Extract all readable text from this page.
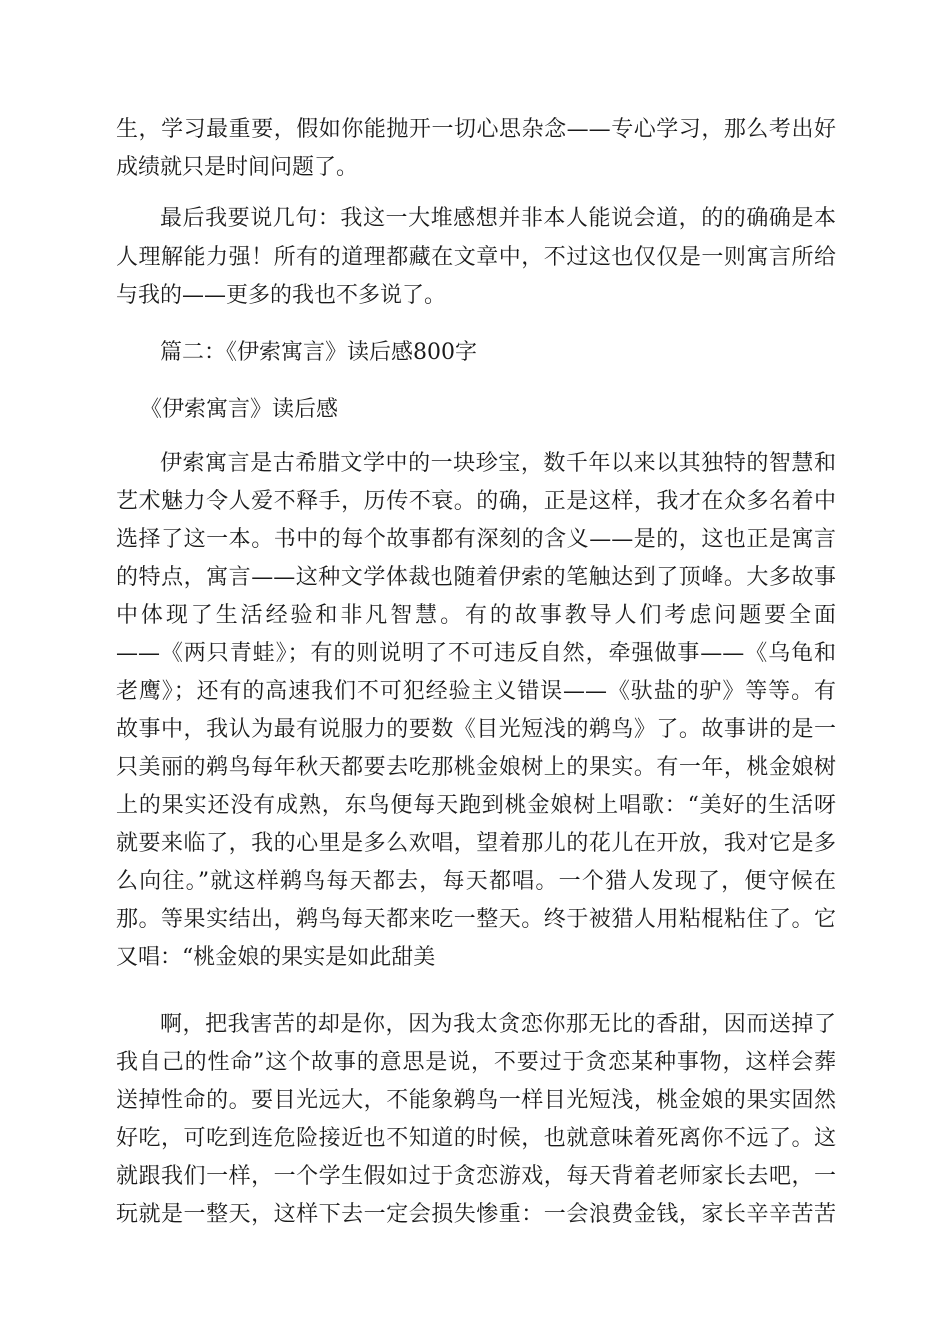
生，学习最重要，假如你能抛开一切心思杂念——专心学习，那么考出好
成绩就只是时间问题了。
最后我要说几句：我这一大堆感想并非本人能说会道，的的确确是本
人理解能力强！所有的道理都藏在文章中，不过这也仅仅是一则寓言所给
与我的——更多的我也不多说了。
篇二：《伊索寓言》读后感800字
《伊索寓言》读后感
伊索寓言是古希腊文学中的一块珍宝，数千年以来以其独特的智慧和
艺术魅力令人爱不释手，历传不衰。的确，正是这样，我才在众多名着中
选择了这一本。书中的每个故事都有深刻的含义——是的，这也正是寓言
的特点，寓言——这种文学体裁也随着伊索的笔触达到了顶峰。大多故事
中体现了生活经验和非凡智慧。有的故事教导人们考虑问题要全面
——《两只青蛙》；有的则说明了不可违反自然，牵强做事——《乌龟和
老鹰》；还有的高速我们不可犯经验主义错误——《驮盐的驴》等等。有
故事中，我认为最有说服力的要数《目光短浅的鹈鸟》了。故事讲的是一
只美丽的鹈鸟每年秋天都要去吃那桃金娘树上的果实。有一年，桃金娘树
上的果实还没有成熟，东鸟便每天跑到桃金娘树上唱歌：“美好的生活呀
就要来临了，我的心里是多么欢唱，望着那儿的花儿在开放，我对它是多
么向往。”就这样鹈鸟每天都去，每天都唱。一个猎人发现了，便守候在
那。等果实结出，鹈鸟每天都来吃一整天。终于被猎人用粘棍粘住了。它
又唱：“桃金娘的果实是如此甜美
啊，把我害苦的却是你，因为我太贪恋你那无比的香甜，因而送掉了
我自己的性命”这个故事的意思是说，不要过于贪恋某种事物，这样会葬
送掉性命的。要目光远大，不能象鹈鸟一样目光短浅，桃金娘的果实固然
好吃，可吃到连危险接近也不知道的时候，也就意味着死离你不远了。这
就跟我们一样，一个学生假如过于贪恋游戏，每天背着老师家长去吧，一
玩就是一整天，这样下去一定会损失惨重：一会浪费金钱，家长辛辛苦苦
